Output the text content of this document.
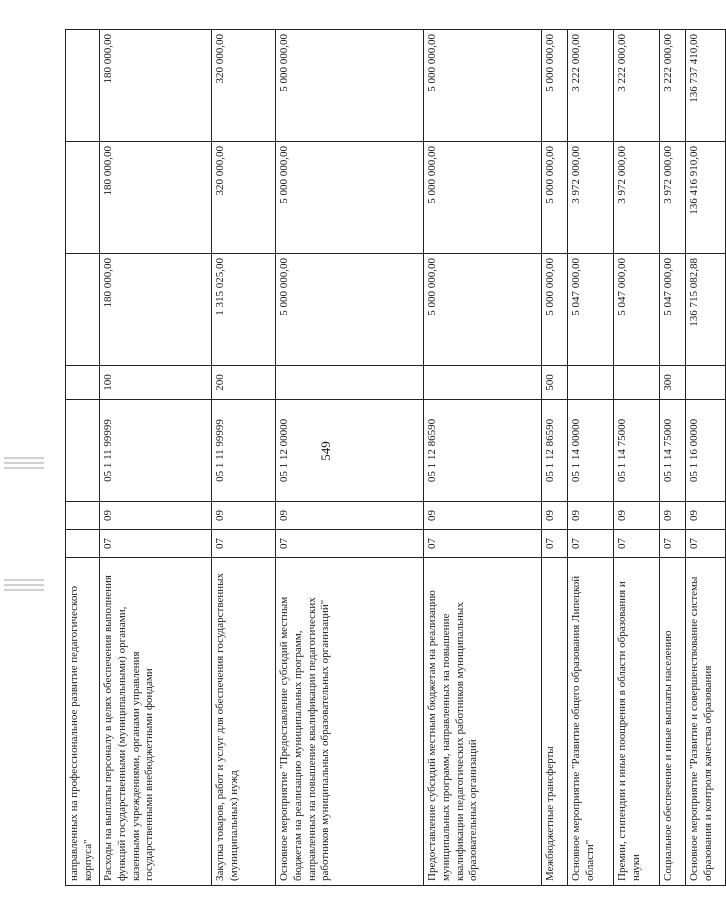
549
направленных на профессиональное развитие педагогического корпуса"							
Расходы на выплаты персоналу в целях обеспечения выполнения функций государственными (муниципальными) органами, казенными учреждениями, органами управления государственными внебюджетными фондами	07	09	05 1 11 99999	100	180 000,00	180 000,00	180 000,00
Закупка товаров, работ и услуг для обеспечения государственных (муниципальных) нужд	07	09	05 1 11 99999	200	1 315 025,00	320 000,00	320 000,00
Основное мероприятие "Предоставление субсидий местным бюджетам на реализацию муниципальных программ, направленных на повышение квалификации педагогических работников муниципальных образовательных организаций"	07	09	05 1 12 00000		5 000 000,00	5 000 000,00	5 000 000,00
Предоставление субсидий местным бюджетам на реализацию муниципальных программ, направленных на повышение квалификации педагогических работников муниципальных образовательных организаций	07	09	05 1 12 86590		5 000 000,00	5 000 000,00	5 000 000,00
Межбюджетные трансферты	07	09	05 1 12 86590	500	5 000 000,00	5 000 000,00	5 000 000,00
Основное мероприятие "Развитие общего образования Липецкой области"	07	09	05 1 14 00000		5 047 000,00	3 972 000,00	3 222 000,00
Премии, стипендии и иные поощрения в области образования и науки	07	09	05 1 14 75000		5 047 000,00	3 972 000,00	3 222 000,00
Социальное обеспечение и иные выплаты населению	07	09	05 1 14 75000	300	5 047 000,00	3 972 000,00	3 222 000,00
Основное мероприятие "Развитие и совершенствование системы образования и контроля качества образования	07	09	05 1 16 00000		136 715 082,88	136 416 910,00	136 737 410,00
